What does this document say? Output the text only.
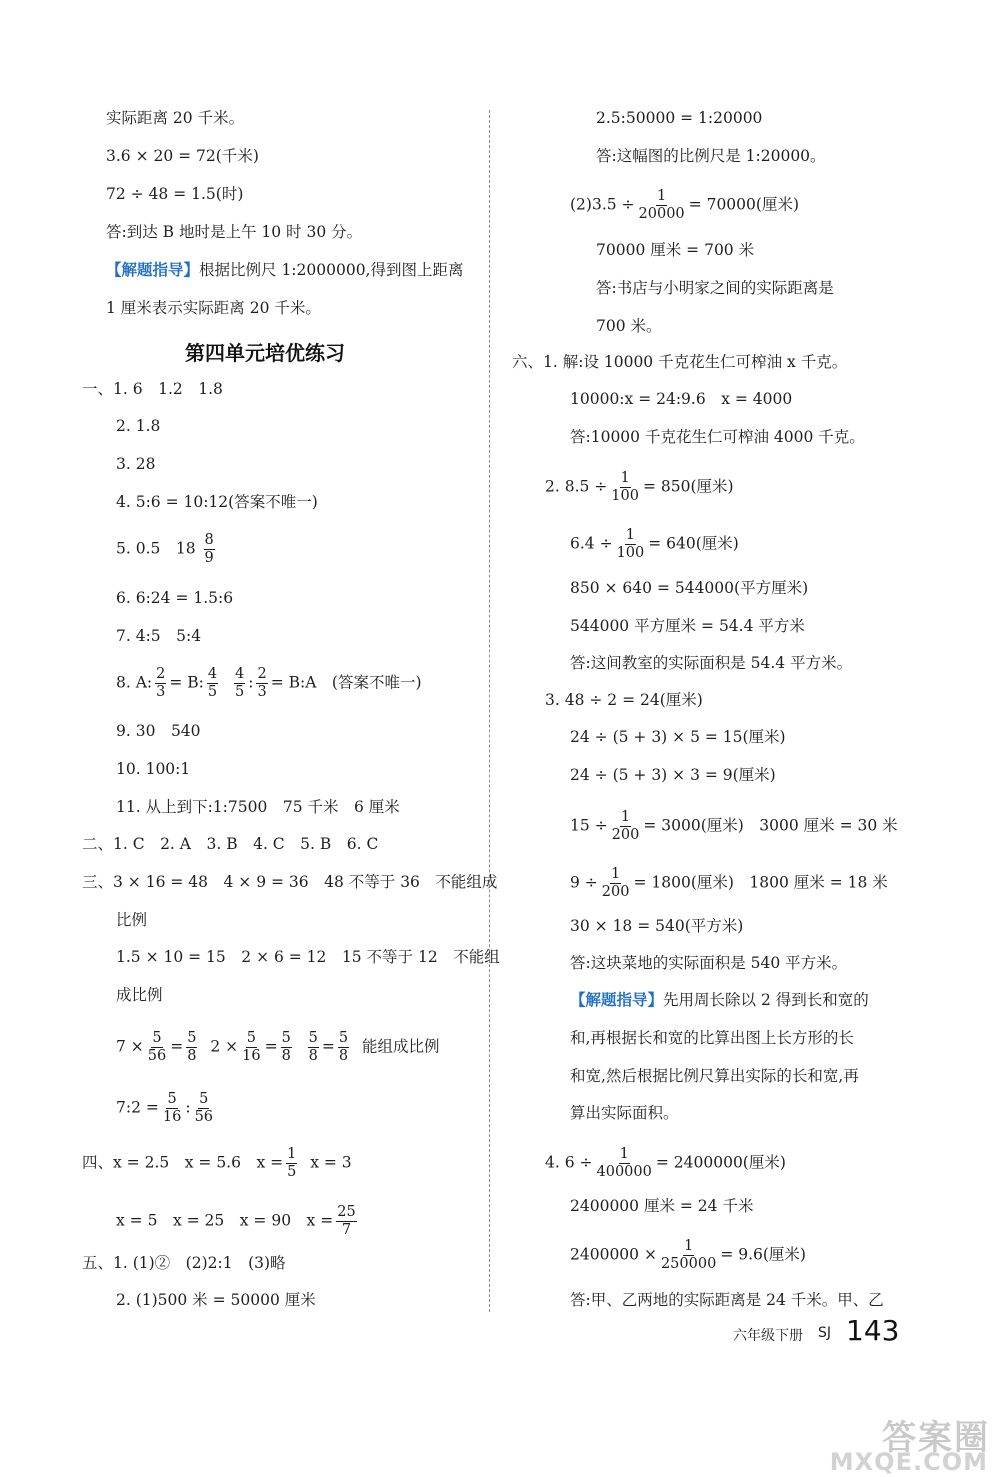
实际距离 20 千米。
3.6 × 20 = 72(千米)
72 ÷ 48 = 1.5(时)
答:到达 B 地时是上午 10 时 30 分。
【解题指导】根据比例尺 1:2000000,得到图上距离
1 厘米表示实际距离 20 千米。
第四单元培优练习
一、1. 6　1.2　1.8
2. 1.8
3. 28
4. 5:6 = 10:12(答案不唯一)
5. 0.5　$18 \frac{8}{9}$
6. 6:24 = 1.5:6
7. 4:5　5:4
8. A: $\frac{2}{3} = B$: $\frac{4}{5}$
$\frac{4}{5}$ : $\frac{2}{3}$ = B:A　(答案不唯一)
9. 30　540
10. 100:1
11. 从上到下:1:7500　75 千米　6 厘米
二、1. C　2. A　3. B　4. C　5. B　6. C
三、3 × 16 = 48　4 × 9 = 36　48 不等于 36　不能组成
比例
1.5 × 10 = 15　2 × 6 = 12　15 不等于 12　不能组
成比例
$7 \times \frac{5}{56} = \frac{5}{8} 2 \times \frac{5}{16} = \frac{5}{8}$
$\frac{5}{8} = \frac{5}{8}$ 能组成比例
7:2 = $\frac{5}{16}$ : $\frac{5}{56}$
四、x = 2.5　x = 5.6　$x = \frac{1}{5}$ x = 3
x = 5　x = 25　x = 90　$x = \frac{25}{7}$
五、1. (1)②　(2)2:1　(3)略
2. (1)500 米 = 50000 厘米
2.5:50000 = 1:20000
答:这幅图的比例尺是 1:20000。
$(2)3.5 \div \frac{1}{20000} = 70000$(厘米)
70000 厘米 = 700 米
答:书店与小明家之间的实际距离是
700 米。
六、1. 解:设 10000 千克花生仁可榨油 x 千克。
10000:x = 24:9.6　x = 4000
答:10000 千克花生仁可榨油 4000 千克。
2. $8.5 \div \frac{1}{100} = 850$(厘米)
$6.4 \div \frac{1}{100} = 640$(厘米)
850 × 640 = 544000(平方厘米)
544000 平方厘米 = 54.4 平方米
答:这间教室的实际面积是 54.4 平方米。
3. 48 ÷ 2 = 24(厘米)
24 ÷ (5 + 3) × 5 = 15(厘米)
24 ÷ (5 + 3) × 3 = 9(厘米)
$15 \div \frac{1}{200} = 3000$(厘米)　3000 厘米 = 30 米
$9 \div \frac{1}{200} = 1800$(厘米)　1800 厘米 = 18 米
30 × 18 = 540(平方米)
答:这块菜地的实际面积是 540 平方米。
【解题指导】先用周长除以 2 得到长和宽的
和,再根据长和宽的比算出图上长方形的长
和宽,然后根据比例尺算出实际的长和宽,再
算出实际面积。
4. $6 \div \frac{1}{400000} = 2400000$(厘米)
2400000 厘米 = 24 千米
$2400000 \times \frac{1}{250000} = 9.6$(厘米)
答:甲、乙两地的实际距离是 24 千米。甲、乙
六年级下册 SJ 143
答案圈
MXQE.COM
